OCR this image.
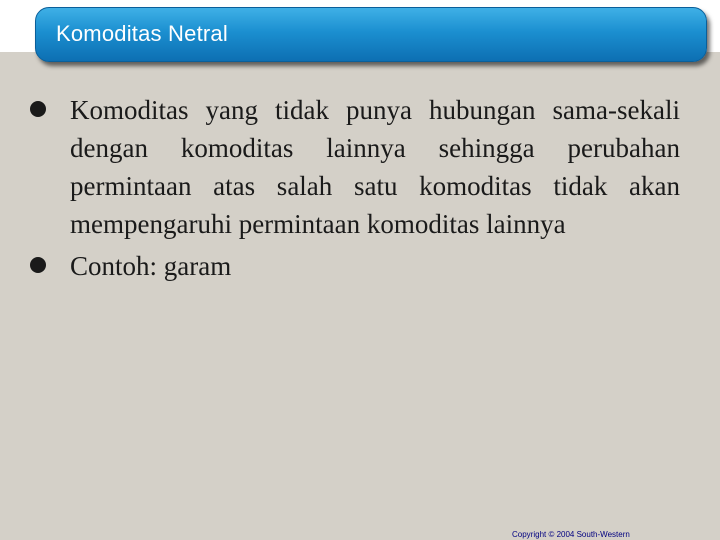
Komoditas Netral
Komoditas yang tidak punya hubungan sama-sekali dengan komoditas lainnya sehingga perubahan permintaan atas salah satu komoditas tidak akan mempengaruhi permintaan komoditas lainnya
Contoh: garam
Copyright © 2004 South-Western
